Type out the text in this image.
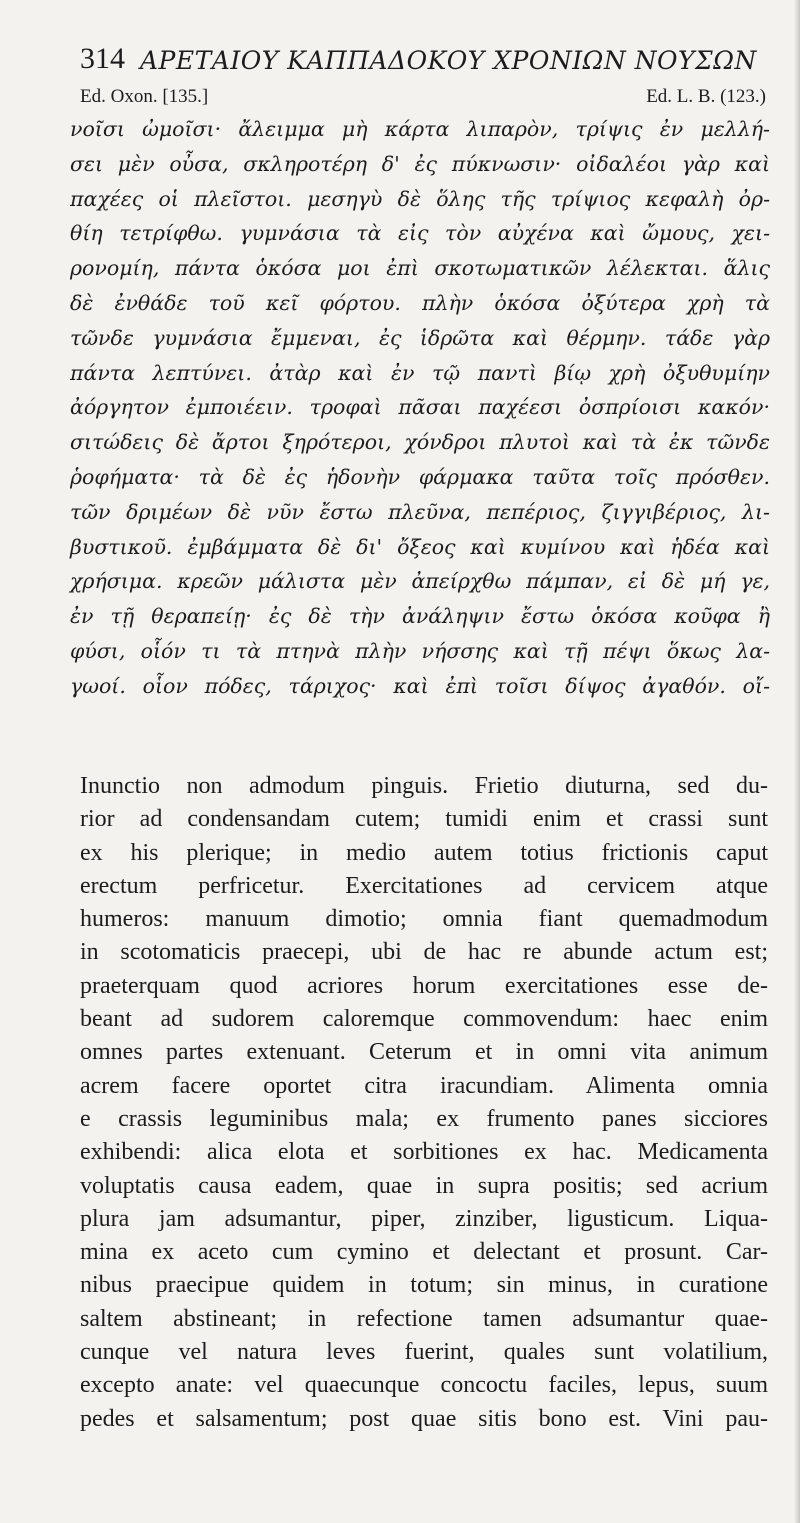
314 ΑΡΕΤΑΙΟΥ ΚΑΠΠΑΔΟΚΟΥ ΧΡΟΝΙΩΝ ΝΟΥΣΩΝ
Ed. Oxon. [135.]	Ed. L. B. (123.)
νοῖσι ὠμοῖσι· ἄλειμμα μὴ κάρτα λιπαρὸν, τρίψις ἐν μελλή-
σει μὲν οὖσα, σκληροτέρη δ' ἐς πύκνωσιν· οἰδαλέοι γὰρ καὶ
παχέες οἱ πλεῖστοι. μεσηγὺ δὲ ὅλης τῆς τρίψιος κεφαλὴ ὀρ-
θίη τετρίφθω. γυμνάσια τὰ εἰς τὸν αὐχένα καὶ ὤμους, χει-
ρονομίη, πάντα ὁκόσα μοι ἐπὶ σκοτωματικῶν λέλεκται. ἅλις
δὲ ἐνθάδε τοῦ κεῖ φόρτου. πλὴν ὁκόσα ὀξύτερα χρὴ τὰ
τῶνδε γυμνάσια ἔμμεναι, ἐς ἱδρῶτα καὶ θέρμην. τάδε γὰρ
πάντα λεπτύνει. ἀτὰρ καὶ ἐν τῷ παντὶ βίῳ χρὴ ὀξυθυμίην
ἀόργητον ἐμποιέειν. τροφαὶ πᾶσαι παχέεσι ὀσπρίοισι κακόν·
σιτώδεις δὲ ἄρτοι ξηρότεροι, χόνδροι πλυτοὶ καὶ τὰ ἐκ τῶνδε
ῥοφήματα· τὰ δὲ ἐς ἡδονὴν φάρμακα ταῦτα τοῖς πρόσθεν.
τῶν δριμέων δὲ νῦν ἔστω πλεῦνα, πεπέριος, ζιγγιβέριος, λι-
βυστικοῦ. ἐμβάμματα δὲ δι' ὄξεος καὶ κυμίνου καὶ ἡδέα καὶ
χρήσιμα. κρεῶν μάλιστα μὲν ἀπείρχθω πάμπαν, εἰ δὲ μή γε,
ἐν τῇ θεραπείῃ· ἐς δὲ τὴν ἀνάληψιν ἔστω ὁκόσα κοῦφα ἢ
φύσι, οἷόν τι τὰ πτηνὰ πλὴν νήσσης καὶ τῇ πέψι ὅκως λα-
γωοί. οἷον πόδες, τάριχος· καὶ ἐπὶ τοῖσι δίψος ἀγαθόν. οἴ-
Inunctio non admodum pinguis. Frietio diuturna, sed du-
rior ad condensandam cutem; tumidi enim et crassi sunt
ex his plerique; in medio autem totius frictionis caput
erectum perfricetur. Exercitationes ad cervicem atque
humeros: manuum dimotio; omnia fiant quemadmodum
in scotomaticis praecepi, ubi de hac re abunde actum est;
praeterquam quod acriores horum exercitationes esse de-
beant ad sudorem caloremque commovendum: haec enim
omnes partes extenuant. Ceterum et in omni vita animum
acrem facere oportet citra iracundiam. Alimenta omnia
e crassis leguminibus mala; ex frumento panes sicciores
exhibendi: alica elota et sorbitiones ex hac. Medicamenta
voluptatis causa eadem, quae in supra positis; sed acrium
plura jam adsumantur, piper, zinziber, ligusticum. Liqua-
mina ex aceto cum cymino et delectant et prosunt. Car-
nibus praecipue quidem in totum; sin minus, in curatione
saltem abstineant; in refectione tamen adsumantur quae-
cunque vel natura leves fuerint, quales sunt volatilium,
excepto anate: vel quaecunque concoctu faciles, lepus, suum
pedes et salsamentum; post quae sitis bono est. Vini pau-
